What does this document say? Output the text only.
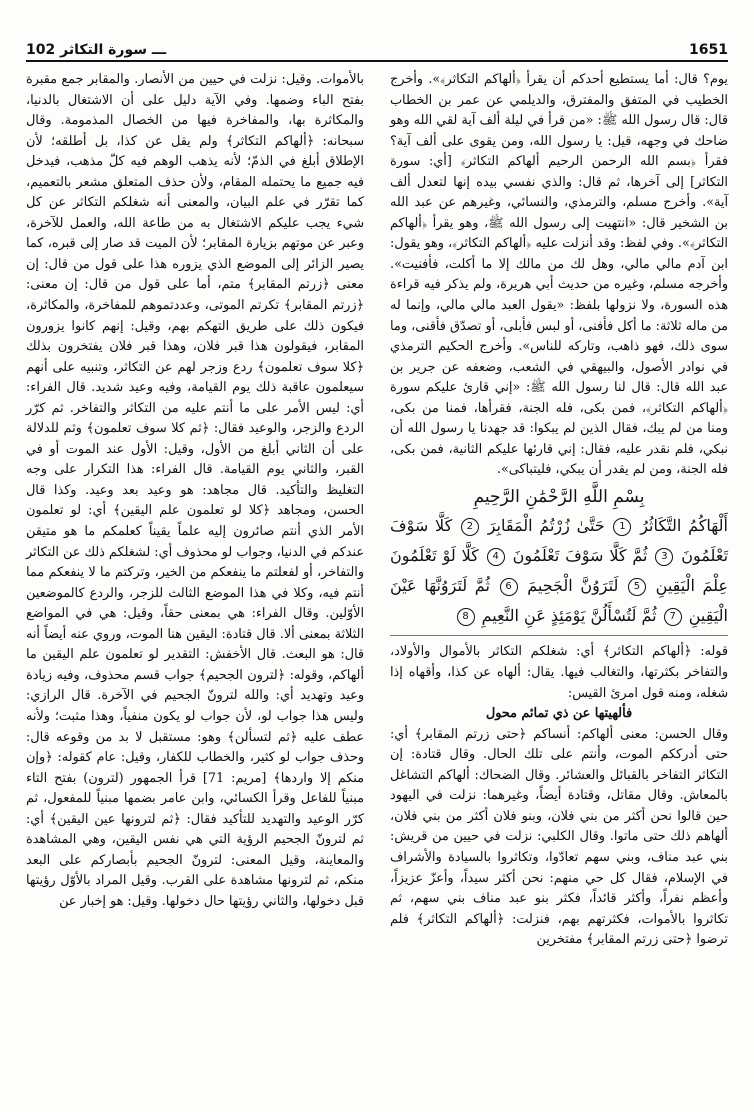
102 ـــ سورة التكاثر	1651

يوم؟ قال: أما يستطيع أحدكم أن يقرأ ﴿ألهاكم التكاثر﴾». وأخرج الخطيب في المتفق والمفترق، والديلمي عن عمر بن الخطاب قال: قال رسول الله ﷺ: «من قرأ في ليلة ألف آية لقي الله وهو ضاحك في وجهه، قيل: يا رسول الله، ومن يقوى على ألف آية؟ فقرأ ﴿بسم الله الرحمن الرحيم ألهاكم التكاثر﴾ [أي: سورة التكاثر] إلى آخرها، ثم قال: والذي نفسي بيده إنها لتعدل ألف آية». وأخرج مسلم، والترمذي، والنسائي، وغيرهم عن عبد الله بن الشخير قال: «انتهيت إلى رسول الله ﷺ، وهو يقرأ ﴿ألهاكم التكاثر﴾». وفي لفظ: وقد أنزلت عليه ﴿ألهاكم التكاثر﴾، وهو يقول: ابن آدم مالي مالي، وهل لك من مالك إلا ما أكلت، فأفنيت». وأخرجه مسلم، وغيره من حديث أبي هريرة، ولم يذكر فيه قراءة هذه السورة، ولا نزولها بلفظ: «يقول العبد مالي مالي، وإنما له من ماله ثلاثة: ما أكل فأفنى، أو لبس فأبلى، أو تصدّق فأقنى، وما سوى ذلك، فهو ذاهب، وتاركه للناس». وأخرج الحكيم الترمذي في نوادر الأصول، والبيهقي في الشعب، وضعفه عن جرير بن عبد الله قال: قال لنا رسول الله ﷺ: «إني قارئ عليكم سورة ﴿ألهاكم التكاثر﴾، فمن بكى، فله الجنة، فقرأها، فمنا من بكى، ومنا من لم يبك، فقال الذين لم يبكوا: قد جهدنا يا رسول الله أن نبكي، فلم نقدر عليه، فقال: إني قارئها عليكم الثانية، فمن بكى، فله الجنة، ومن لم يقدر أن يبكي، فليتباكى».

بِسْمِ اللَّهِ الرَّحْمَٰنِ الرَّحِيمِ
أَلْهَاكُمُ التَّكَاثُرُ 1 حَتَّىٰ زُرْتُمُ الْمَقَابِرَ 2 كَلَّا سَوْفَ تَعْلَمُونَ 3 ثُمَّ كَلَّا سَوْفَ تَعْلَمُونَ 4 كَلَّا لَوْ تَعْلَمُونَ عِلْمَ الْيَقِينِ 5 لَتَرَوُنَّ الْجَحِيمَ 6 ثُمَّ لَتَرَوُنَّهَا عَيْنَ الْيَقِينِ 7 ثُمَّ لَتُسْأَلُنَّ يَوْمَئِذٍ عَنِ النَّعِيمِ 8

قوله: ﴿ألهاكم التكاثر﴾ أي: شغلكم التكاثر بالأموال والأولاد، والتفاخر بكثرتها، والتغالب فيها. يقال: ألهاه عن كذا، وأقهاه إذا شغله، ومنه قول امرئ القيس:

فألهيتها عن ذي تمائم محول

وقال الحسن: معنى ألهاكم: أنساكم ﴿حتى زرتم المقابر﴾ أي: حتى أدرككم الموت، وأنتم على تلك الحال. وقال قتادة: إن التكاثر التفاخر بالقبائل والعشائر. وقال الضحاك: ألهاكم التشاغل بالمعاش. وقال مقاتل، وقتادة أيضاً، وغيرهما: نزلت في اليهود حين قالوا نحن أكثر من بني فلان، وبنو فلان أكثر من بني فلان، ألهاهم ذلك حتى ماتوا. وقال الكلبي: نزلت في حيين من قريش: بني عبد مناف، وبني سهم تعادّوا، وتكاثروا بالسيادة والأشراف في الإسلام، فقال كل حي منهم: نحن أكثر سيداً، وأعزّ عزيزاً، وأعظم نفراً، وأكثر قائداً، فكثر بنو عبد مناف بني سهم، ثم تكاثروا بالأموات، فكثرتهم بهم، فنزلت: ﴿ألهاكم التكاثر﴾ فلم ترضوا ﴿حتى زرتم المقابر﴾ مفتخرين

بالأموات. وقيل: نزلت في حيين من الأنصار. والمقابر جمع مقبرة بفتح الباء وضمها. وفي الآية دليل على أن الاشتغال بالدنيا، والمكاثرة بها، والمفاخرة فيها من الخصال المذمومة. وقال سبحانه: ﴿ألهاكم التكاثر﴾ ولم يقل عن كذا، بل أطلقه؛ لأن الإطلاق أبلغ في الذمّ؛ لأنه يذهب الوهم فيه كلّ مذهب، فيدخل فيه جميع ما يحتمله المقام، ولأن حذف المتعلق مشعر بالتعميم، كما تقرّر في علم البيان، والمعنى أنه شغلكم التكاثر عن كل شيء يجب عليكم الاشتغال به من طاعة الله، والعمل للآخرة، وعبر عن موتهم بزيارة المقابر؛ لأن الميت قد صار إلى قبره، كما يصير الزائر إلى الموضع الذي يزوره هذا على قول من قال: إن معنى ﴿زرتم المقابر﴾ متم، أما على قول من قال: إن معنى: ﴿زرتم المقابر﴾ تكرتم الموتى، وعددتموهم للمفاخرة، والمكاثرة، فيكون ذلك على طريق التهكم بهم، وقيل: إنهم كانوا يزورون المقابر، فيقولون هذا قبر فلان، وهذا قبر فلان يفتخرون بذلك ﴿كلا سوف تعلمون﴾ ردع وزجر لهم عن التكاثر، وتنبيه على أنهم سيعلمون عاقبة ذلك يوم القيامة، وفيه وعيد شديد. قال الفراء: أي: ليس الأمر على ما أنتم عليه من التكاثر والتفاخر. ثم كرّر الردع والزجر، والوعيد فقال: ﴿ثم كلا سوف تعلمون﴾ وثم للدلالة على أن الثاني أبلغ من الأول، وقيل: الأول عند الموت أو في القبر، والثاني يوم القيامة. قال الفراء: هذا التكرار على وجه التغليظ والتأكيد. قال مجاهد: هو وعيد بعد وعيد. وكذا قال الحسن، ومجاهد ﴿كلا لو تعلمون علم اليقين﴾ أي: لو تعلمون الأمر الذي أنتم صائرون إليه علماً يقيناً كعلمكم ما هو متيقن عندكم في الدنيا، وجواب لو محذوف أي: لشغلكم ذلك عن التكاثر والتفاخر، أو لفعلتم ما ينفعكم من الخير، وتركتم ما لا ينفعكم مما أنتم فيه، وكلا في هذا الموضع الثالث للزجر، والردع كالموضعين الأوّلين. وقال الفراء: هي بمعنى حقاً، وقيل: هي في المواضع الثلاثة بمعنى ألا. قال قتادة: اليقين هنا الموت، وروي عنه أيضاً أنه قال: هو البعث. قال الأخفش: التقدير لو تعلمون علم اليقين ما ألهاكم، وقوله: ﴿لترون الجحيم﴾ جواب قسم محذوف، وفيه زيادة وعيد وتهديد أي: والله لترونّ الجحيم في الآخرة. قال الرازي: وليس هذا جواب لو، لأن جواب لو يكون منفياً، وهذا مثبت؛ ولأنه عطف عليه ﴿ثم لتسألن﴾ وهو: مستقبل لا بد من وقوعه قال: وحذف جواب لو كثير، والخطاب للكفار، وقيل: عام كقوله: ﴿وإن منكم إلا واردها﴾ [مريم: 71] قرأ الجمهور (لترون) بفتح التاء مبنياً للفاعل وقرأ الكسائي، وابن عامر بضمها مبنياً للمفعول، ثم كرّر الوعيد والتهديد للتأكيد فقال: ﴿ثم لترونها عين اليقين﴾ أي: ثم لترونّ الجحيم الرؤية التي هي نفس اليقين، وهي المشاهدة والمعاينة، وقيل المعنى: لترونّ الجحيم بأبصاركم على البعد منكم، ثم لترونها مشاهدة على القرب. وقيل المراد بالأوّل رؤيتها قبل دخولها، والثاني رؤيتها حال دخولها. وقيل: هو إخبار عن
